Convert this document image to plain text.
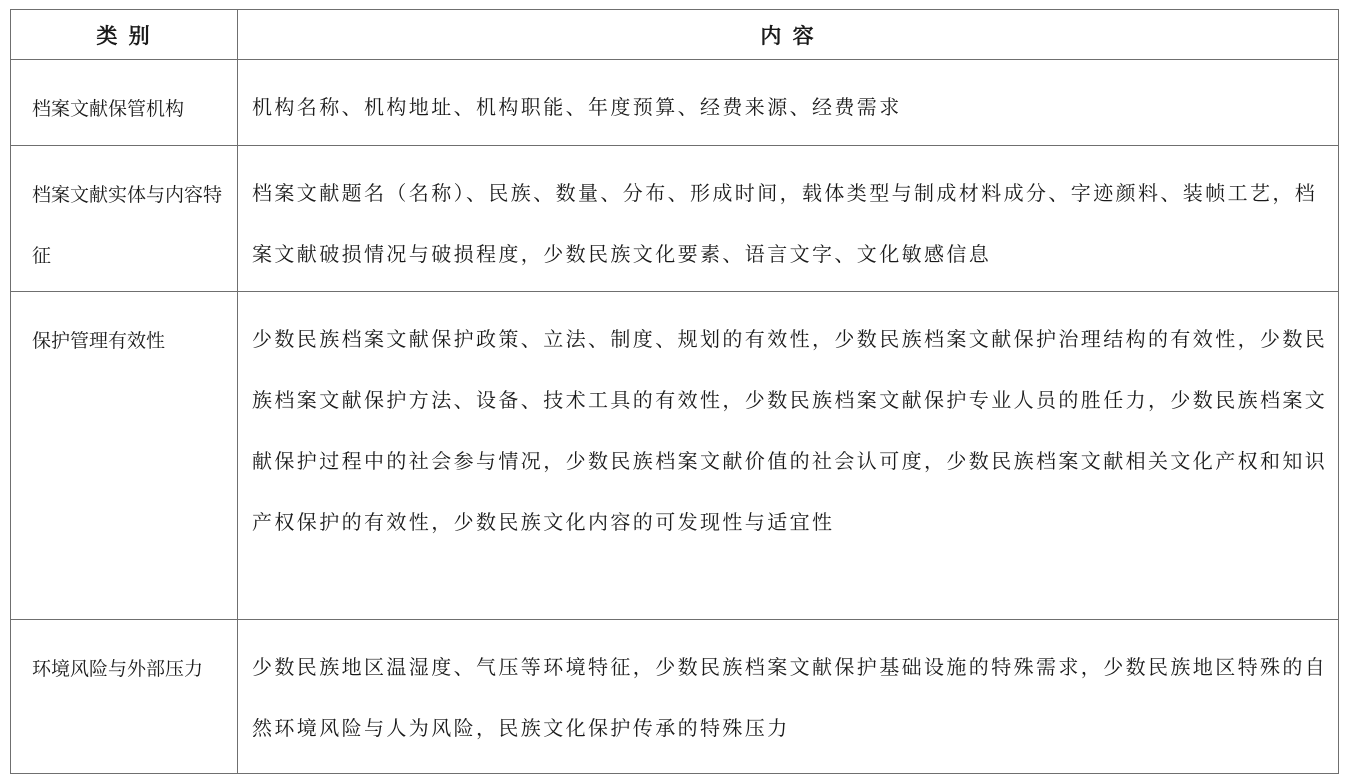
类 别	内 容
档案文献保管机构	机构名称、机构地址、机构职能、年度预算、经费来源、经费需求
档案文献实体与内容特征	档案文献题名（名称）、民族、数量、分布、形成时间，载体类型与制成材料成分、字迹颜料、装帧工艺，档案文献破损情况与破损程度，少数民族文化要素、语言文字、文化敏感信息
保护管理有效性	少数民族档案文献保护政策、立法、制度、规划的有效性，少数民族档案文献保护治理结构的有效性，少数民族档案文献保护方法、设备、技术工具的有效性，少数民族档案文献保护专业人员的胜任力，少数民族档案文献保护过程中的社会参与情况，少数民族档案文献价值的社会认可度，少数民族档案文献相关文化产权和知识产权保护的有效性，少数民族文化内容的可发现性与适宜性
环境风险与外部压力	少数民族地区温湿度、气压等环境特征，少数民族档案文献保护基础设施的特殊需求，少数民族地区特殊的自然环境风险与人为风险，民族文化保护传承的特殊压力
